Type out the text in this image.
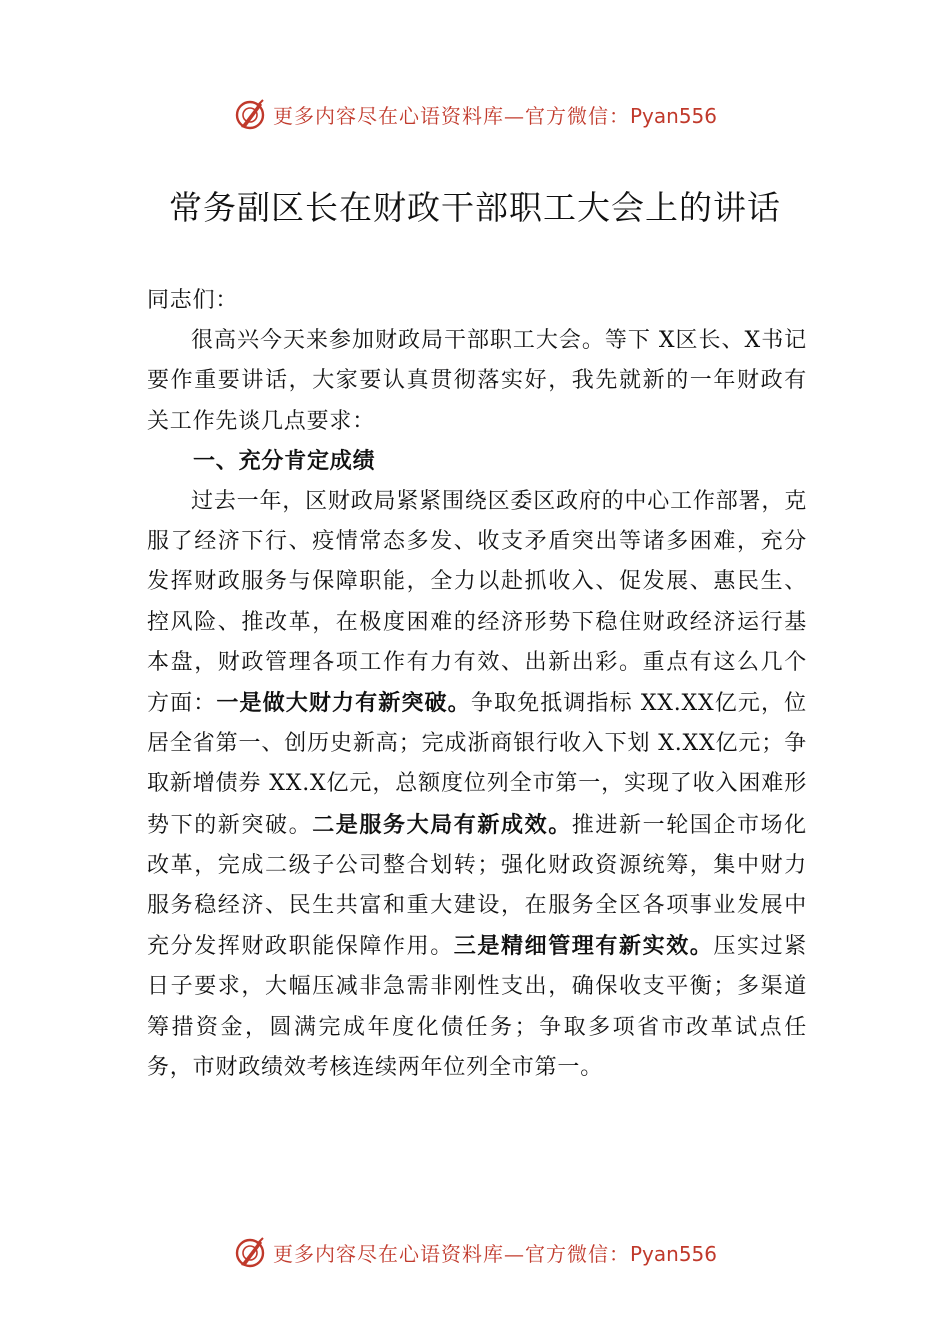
更多内容尽在心语资料库—官方微信：Pyan556
常务副区长在财政干部职工大会上的讲话

同志们：

很高兴今天来参加财政局干部职工大会。等下 X区长、X书记要作重要讲话，大家要认真贯彻落实好，我先就新的一年财政有关工作先谈几点要求：

一、充分肯定成绩

过去一年，区财政局紧紧围绕区委区政府的中心工作部署，克服了经济下行、疫情常态多发、收支矛盾突出等诸多困难，充分发挥财政服务与保障职能，全力以赴抓收入、促发展、惠民生、控风险、推改革，在极度困难的经济形势下稳住财政经济运行基本盘，财政管理各项工作有力有效、出新出彩。重点有这么几个方面：一是做大财力有新突破。争取免抵调指标 XX.XX亿元，位居全省第一、创历史新高；完成浙商银行收入下划 X.XX亿元；争取新增债券 XX.X亿元，总额度位列全市第一，实现了收入困难形势下的新突破。二是服务大局有新成效。推进新一轮国企市场化改革，完成二级子公司整合划转；强化财政资源统筹，集中财力服务稳经济、民生共富和重大建设，在服务全区各项事业发展中充分发挥财政职能保障作用。三是精细管理有新实效。压实过紧日子要求，大幅压减非急需非刚性支出，确保收支平衡；多渠道筹措资金，圆满完成年度化债任务；争取多项省市改革试点任务，市财政绩效考核连续两年位列全市第一。

更多内容尽在心语资料库—官方微信：Pyan556
